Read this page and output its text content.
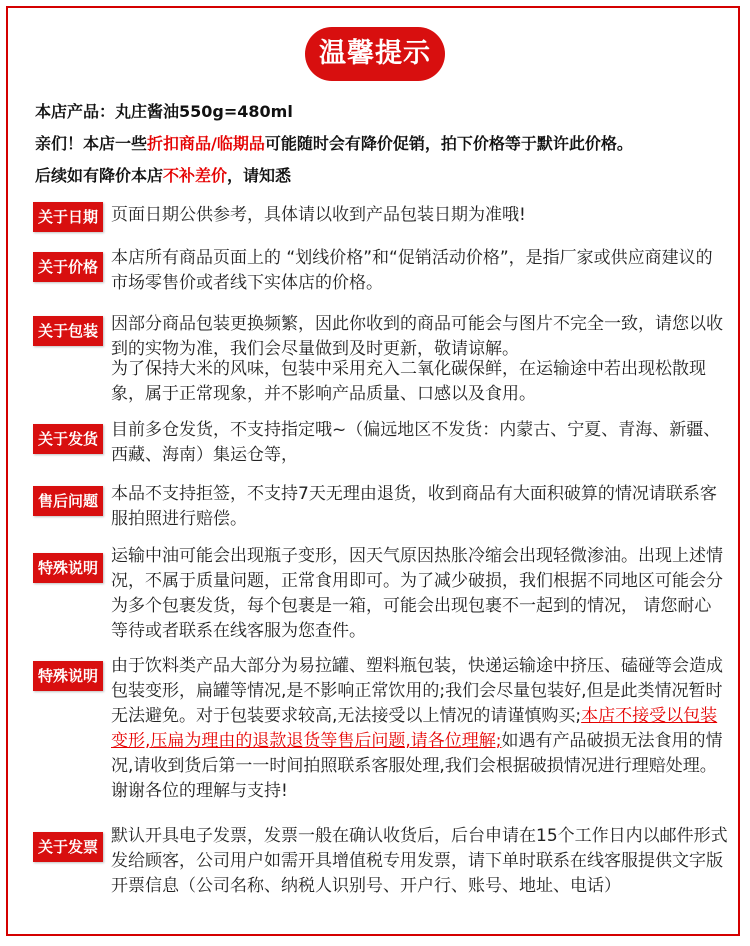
温馨提示
本店产品：丸庄酱油550g=480ml
亲们！本店一些折扣商品/临期品可能随时会有降价促销，拍下价格等于默许此价格。
后续如有降价本店不补差价，请知悉
关于日期 页面日期公供参考，具体请以收到产品包装日期为准哦!
关于价格 本店所有商品页面上的 “划线价格”和“促销活动价格”，是指厂家或供应商建议的市场零售价或者线下实体店的价格。
关于包装 因部分商品包装更换频繁，因此你收到的商品可能会与图片不完全一致，请您以收到的实物为准，我们会尽量做到及时更新，敬请谅解。
为了保持大米的风味，包装中采用充入二氧化碳保鲜，在运输途中若出现松散现象，属于正常现象，并不影响产品质量、口感以及食用。
关于发货 目前多仓发货，不支持指定哦~（偏远地区不发货：内蒙古、宁夏、青海、新疆、西藏、海南）集运仓等，
售后问题 本品不支持拒签，不支持7天无理由退货，收到商品有大面积破算的情况请联系客服拍照进行赔偿。
特殊说明
运输中油可能会出现瓶子变形，因天气原因热胀冷缩会出现轻微渗油。出现上述情况，不属于质量问题，正常食用即可。为了减少破损，我们根据不同地区可能会分为多个包裹发货，每个包裹是一箱，可能会出现包裹不一起到的情况， 请您耐心等待或者联系在线客服为您查件。
特殊说明 由于饮料类产品大部分为易拉罐、塑料瓶包装，快递运输途中挤压、磕碰等会造成包装变形，扁罐等情况,是不影响正常饮用的;我们会尽量包装好,但是此类情况暂时无法避免。对于包装要求较高,无法接受以上情况的请谨慎购买;本店不接受以包装变形,压扁为理由的退款退货等售后问题,请各位理解;如遇有产品破损无法食用的情况,请收到货后第一一时间拍照联系客服处理,我们会根据破损情况进行理赔处理。谢谢各位的理解与支持!
关于发票
默认开具电子发票，发票一般在确认收货后，后台申请在15个工作日内以邮件形式发给顾客，公司用户如需开具增值税专用发票，请下单时联系在线客服提供文字版开票信息（公司名称、纳税人识别号、开户行、账号、地址、电话）
